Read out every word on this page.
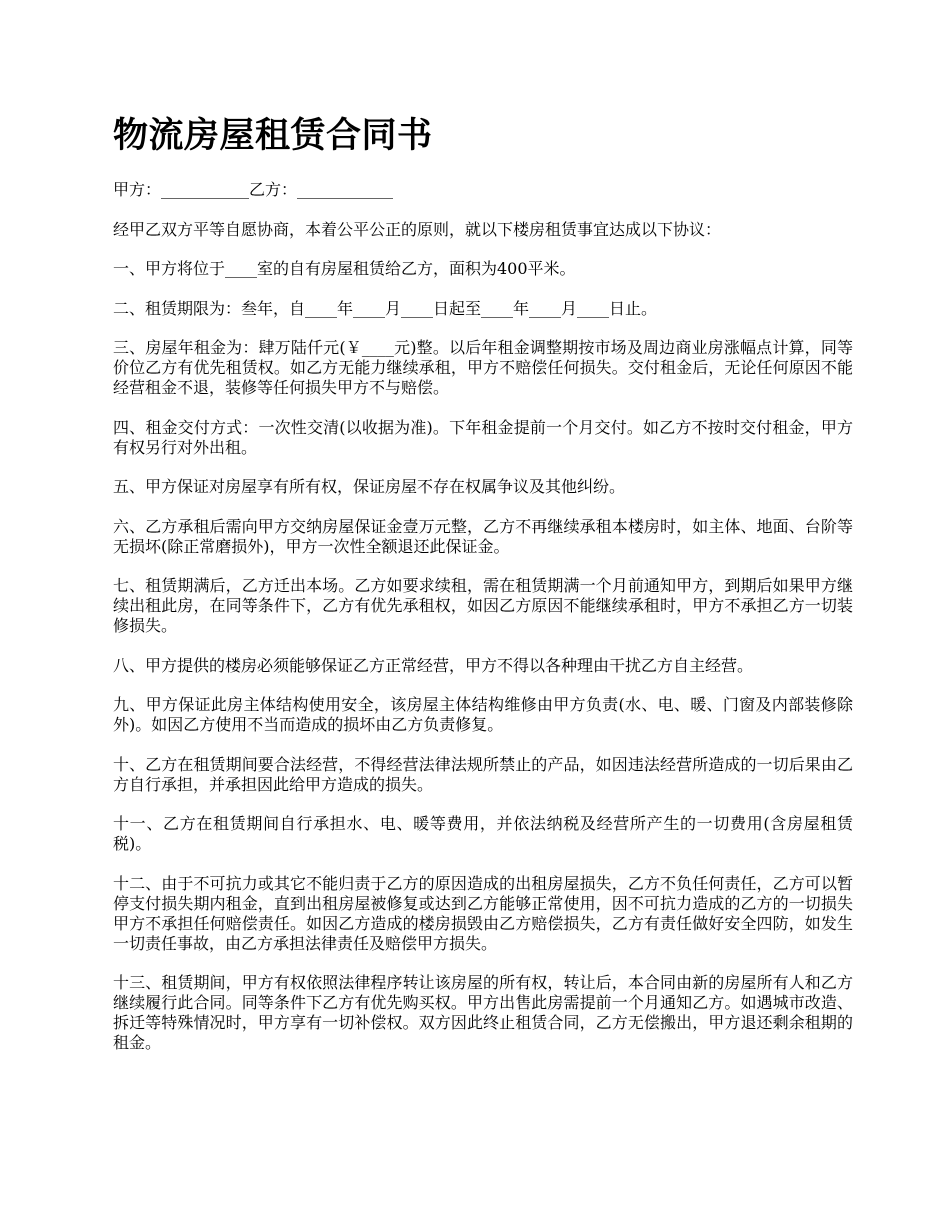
物流房屋租赁合同书

甲方：___________乙方：____________

经甲乙双方平等自愿协商，本着公平公正的原则，就以下楼房租赁事宜达成以下协议：

一、甲方将位于____室的自有房屋租赁给乙方，面积为400平米。

二、租赁期限为：叁年，自____年____月____日起至____年____月____日止。

三、房屋年租金为：肆万陆仟元(￥____元)整。以后年租金调整期按市场及周边商业房涨幅点计算，同等价位乙方有优先租赁权。如乙方无能力继续承租，甲方不赔偿任何损失。交付租金后，无论任何原因不能经营租金不退，装修等任何损失甲方不与赔偿。

四、租金交付方式：一次性交清(以收据为准)。下年租金提前一个月交付。如乙方不按时交付租金，甲方有权另行对外出租。

五、甲方保证对房屋享有所有权，保证房屋不存在权属争议及其他纠纷。

六、乙方承租后需向甲方交纳房屋保证金壹万元整，乙方不再继续承租本楼房时，如主体、地面、台阶等无损坏(除正常磨损外)，甲方一次性全额退还此保证金。

七、租赁期满后，乙方迁出本场。乙方如要求续租，需在租赁期满一个月前通知甲方，到期后如果甲方继续出租此房，在同等条件下，乙方有优先承租权，如因乙方原因不能继续承租时，甲方不承担乙方一切装修损失。

八、甲方提供的楼房必须能够保证乙方正常经营，甲方不得以各种理由干扰乙方自主经营。

九、甲方保证此房主体结构使用安全，该房屋主体结构维修由甲方负责(水、电、暖、门窗及内部装修除外)。如因乙方使用不当而造成的损坏由乙方负责修复。

十、乙方在租赁期间要合法经营，不得经营法律法规所禁止的产品，如因违法经营所造成的一切后果由乙方自行承担，并承担因此给甲方造成的损失。

十一、乙方在租赁期间自行承担水、电、暖等费用，并依法纳税及经营所产生的一切费用(含房屋租赁税)。

十二、由于不可抗力或其它不能归责于乙方的原因造成的出租房屋损失，乙方不负任何责任，乙方可以暂停支付损失期内租金，直到出租房屋被修复或达到乙方能够正常使用，因不可抗力造成的乙方的一切损失甲方不承担任何赔偿责任。如因乙方造成的楼房损毁由乙方赔偿损失，乙方有责任做好安全四防，如发生一切责任事故，由乙方承担法律责任及赔偿甲方损失。

十三、租赁期间，甲方有权依照法律程序转让该房屋的所有权，转让后，本合同由新的房屋所有人和乙方继续履行此合同。同等条件下乙方有优先购买权。甲方出售此房需提前一个月通知乙方。如遇城市改造、拆迁等特殊情况时，甲方享有一切补偿权。双方因此终止租赁合同，乙方无偿搬出，甲方退还剩余租期的租金。
